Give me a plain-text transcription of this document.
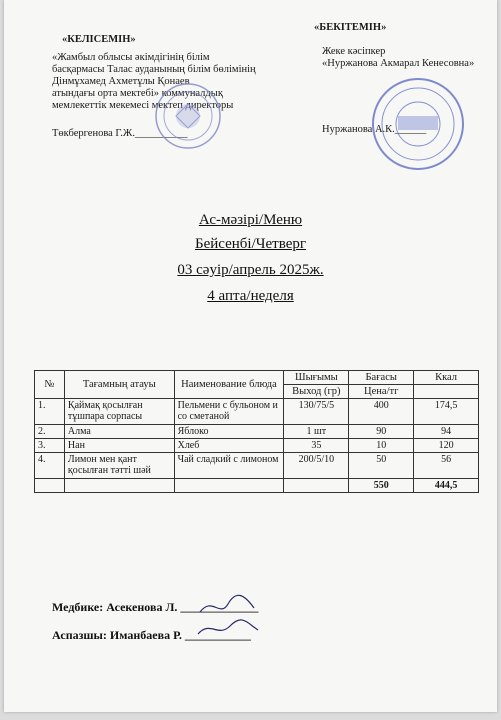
«КЕЛІСЕМІН»
«Жамбыл облысы әкімдігінің білім
басқармасы Талас ауданының білім бөлімінің
Дінмұхамед Ахметұлы Қонаев
атындағы орта мектебі» коммуналдық
мемлекеттік мекемесі мектеп директоры
Төкбергенова Г.Ж.__________
«БЕКІТЕМІН»
Жеке кәсіпкер
«Нуржанова Акмарал Кенесовна»
Нуржанова А.К.______
Ас-мәзірі/Меню
Бейсенбі/Четверг
03 сәуір/апрель 2025ж.
4 апта/неделя
№	Тағамның атауы	Наименование блюда	Шығымы	Бағасы	Ккал
			Выход (гр)	Цена/тг	
1.	Қаймақ қосылған тұшпара сорпасы	Пельмени с бульоном и со сметаной	130/75/5	400	174,5
2.	Алма	Яблоко	1 шт	90	94
3.	Нан	Хлеб	35	10	120
4.	Лимон мен қант қосылған тәтті шәй	Чай сладкий с лимоном	200/5/10	50	56
				550	444,5
Медбике: Асекенова Л. _____________
Аспазшы: Иманбаева Р. ___________
